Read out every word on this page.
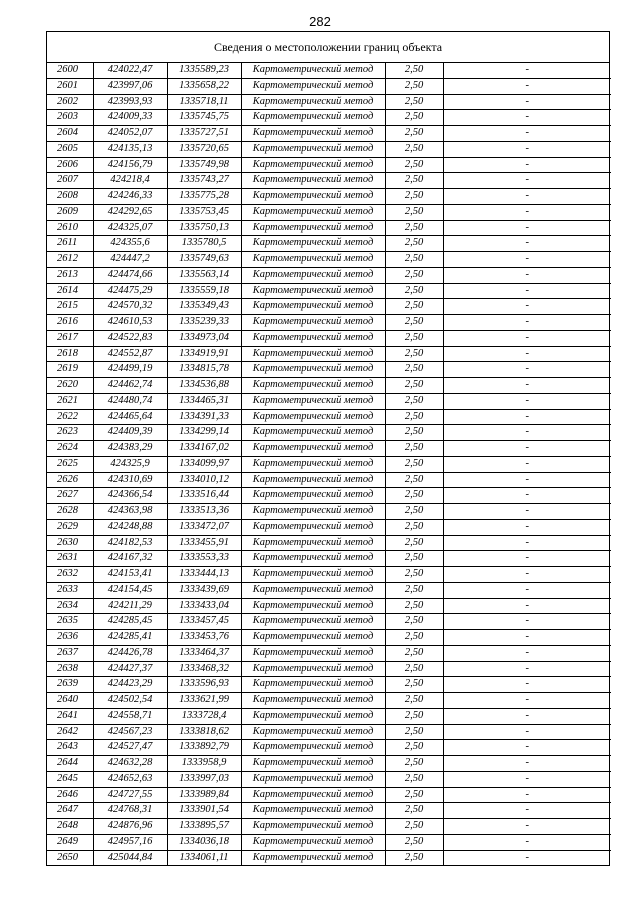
282
Сведения о местоположении границ объекта
2600	424022,47	1335589,23	Картометрический метод	2,50	-
2601	423997,06	1335658,22	Картометрический метод	2,50	-
2602	423993,93	1335718,11	Картометрический метод	2,50	-
2603	424009,33	1335745,75	Картометрический метод	2,50	-
2604	424052,07	1335727,51	Картометрический метод	2,50	-
2605	424135,13	1335720,65	Картометрический метод	2,50	-
2606	424156,79	1335749,98	Картометрический метод	2,50	-
2607	424218,4	1335743,27	Картометрический метод	2,50	-
2608	424246,33	1335775,28	Картометрический метод	2,50	-
2609	424292,65	1335753,45	Картометрический метод	2,50	-
2610	424325,07	1335750,13	Картометрический метод	2,50	-
2611	424355,6	1335780,5	Картометрический метод	2,50	-
2612	424447,2	1335749,63	Картометрический метод	2,50	-
2613	424474,66	1335563,14	Картометрический метод	2,50	-
2614	424475,29	1335559,18	Картометрический метод	2,50	-
2615	424570,32	1335349,43	Картометрический метод	2,50	-
2616	424610,53	1335239,33	Картометрический метод	2,50	-
2617	424522,83	1334973,04	Картометрический метод	2,50	-
2618	424552,87	1334919,91	Картометрический метод	2,50	-
2619	424499,19	1334815,78	Картометрический метод	2,50	-
2620	424462,74	1334536,88	Картометрический метод	2,50	-
2621	424480,74	1334465,31	Картометрический метод	2,50	-
2622	424465,64	1334391,33	Картометрический метод	2,50	-
2623	424409,39	1334299,14	Картометрический метод	2,50	-
2624	424383,29	1334167,02	Картометрический метод	2,50	-
2625	424325,9	1334099,97	Картометрический метод	2,50	-
2626	424310,69	1334010,12	Картометрический метод	2,50	-
2627	424366,54	1333516,44	Картометрический метод	2,50	-
2628	424363,98	1333513,36	Картометрический метод	2,50	-
2629	424248,88	1333472,07	Картометрический метод	2,50	-
2630	424182,53	1333455,91	Картометрический метод	2,50	-
2631	424167,32	1333553,33	Картометрический метод	2,50	-
2632	424153,41	1333444,13	Картометрический метод	2,50	-
2633	424154,45	1333439,69	Картометрический метод	2,50	-
2634	424211,29	1333433,04	Картометрический метод	2,50	-
2635	424285,45	1333457,45	Картометрический метод	2,50	-
2636	424285,41	1333453,76	Картометрический метод	2,50	-
2637	424426,78	1333464,37	Картометрический метод	2,50	-
2638	424427,37	1333468,32	Картометрический метод	2,50	-
2639	424423,29	1333596,93	Картометрический метод	2,50	-
2640	424502,54	1333621,99	Картометрический метод	2,50	-
2641	424558,71	1333728,4	Картометрический метод	2,50	-
2642	424567,23	1333818,62	Картометрический метод	2,50	-
2643	424527,47	1333892,79	Картометрический метод	2,50	-
2644	424632,28	1333958,9	Картометрический метод	2,50	-
2645	424652,63	1333997,03	Картометрический метод	2,50	-
2646	424727,55	1333989,84	Картометрический метод	2,50	-
2647	424768,31	1333901,54	Картометрический метод	2,50	-
2648	424876,96	1333895,57	Картометрический метод	2,50	-
2649	424957,16	1334036,18	Картометрический метод	2,50	-
2650	425044,84	1334061,11	Картометрический метод	2,50	-
